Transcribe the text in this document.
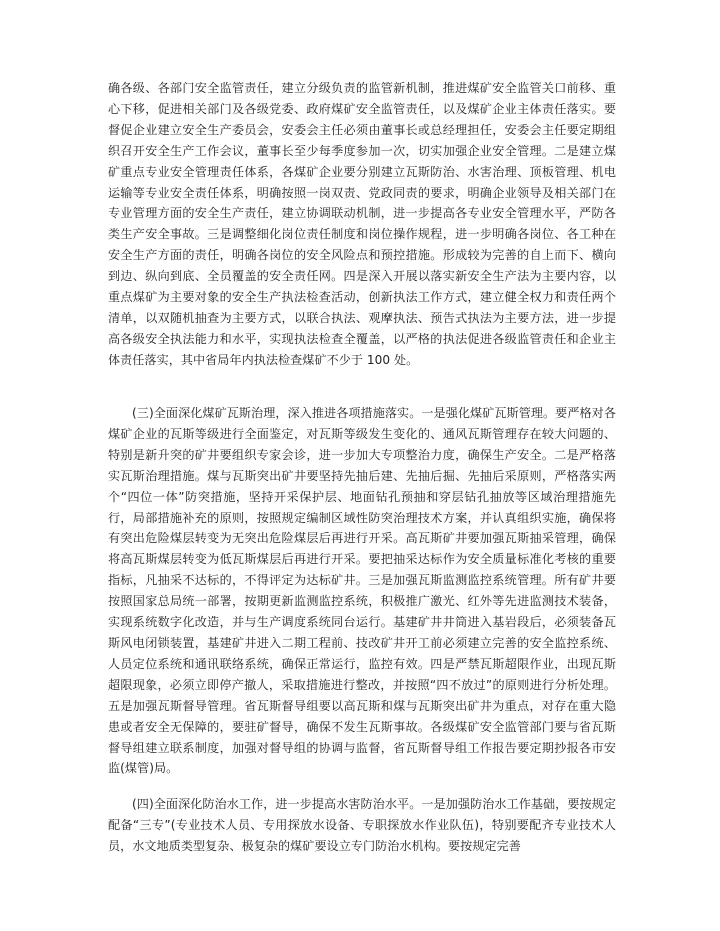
确各级、各部门安全监管责任，建立分级负责的监管新机制，推进煤矿安全监管关口前移、重心下移，促进相关部门及各级党委、政府煤矿安全监管责任，以及煤矿企业主体责任落实。要督促企业建立安全生产委员会，安委会主任必须由董事长或总经理担任，安委会主任要定期组织召开安全生产工作会议，董事长至少每季度参加一次，切实加强企业安全管理。二是建立煤矿重点专业安全管理责任体系，各煤矿企业要分别建立瓦斯防治、水害治理、顶板管理、机电运输等专业安全责任体系，明确按照一岗双责、党政同责的要求，明确企业领导及相关部门在专业管理方面的安全生产责任，建立协调联动机制，进一步提高各专业安全管理水平，严防各类生产安全事故。三是调整细化岗位责任制度和岗位操作规程，进一步明确各岗位、各工种在安全生产方面的责任，明确各岗位的安全风险点和预控措施。形成较为完善的自上而下、横向到边、纵向到底、全员覆盖的安全责任网。四是深入开展以落实新安全生产法为主要内容，以重点煤矿为主要对象的安全生产执法检查活动，创新执法工作方式，建立健全权力和责任两个清单，以双随机抽查为主要方式，以联合执法、观摩执法、预告式执法为主要方法，进一步提高各级安全执法能力和水平，实现执法检查全覆盖，以严格的执法促进各级监管责任和企业主体责任落实，其中省局年内执法检查煤矿不少于 100 处。

(三)全面深化煤矿瓦斯治理，深入推进各项措施落实。一是强化煤矿瓦斯管理。要严格对各煤矿企业的瓦斯等级进行全面鉴定，对瓦斯等级发生变化的、通风瓦斯管理存在较大问题的、特别是新升突的矿井要组织专家会诊，进一步加大专项整治力度，确保生产安全。二是严格落实瓦斯治理措施。煤与瓦斯突出矿井要坚持先抽后建、先抽后掘、先抽后采原则，严格落实两个“四位一体”防突措施，坚持开采保护层、地面钻孔预抽和穿层钻孔抽放等区域治理措施先行，局部措施补充的原则，按照规定编制区域性防突治理技术方案，并认真组织实施，确保将有突出危险煤层转变为无突出危险煤层后再进行开采。高瓦斯矿井要加强瓦斯抽采管理，确保将高瓦斯煤层转变为低瓦斯煤层后再进行开采。要把抽采达标作为安全质量标准化考核的重要指标，凡抽采不达标的，不得评定为达标矿井。三是加强瓦斯监测监控系统管理。所有矿井要按照国家总局统一部署，按期更新监测监控系统，积极推广激光、红外等先进监测技术装备，实现系统数字化改造，并与生产调度系统同台运行。基建矿井井筒进入基岩段后，必须装备瓦斯风电闭锁装置，基建矿井进入二期工程前、技改矿井开工前必须建立完善的安全监控系统、人员定位系统和通讯联络系统，确保正常运行，监控有效。四是严禁瓦斯超限作业，出现瓦斯超限现象，必须立即停产撤人，采取措施进行整改，并按照“四不放过”的原则进行分析处理。五是加强瓦斯督导管理。省瓦斯督导组要以高瓦斯和煤与瓦斯突出矿井为重点，对存在重大隐患或者安全无保障的，要驻矿督导，确保不发生瓦斯事故。各级煤矿安全监管部门要与省瓦斯督导组建立联系制度，加强对督导组的协调与监督，省瓦斯督导组工作报告要定期抄报各市安监(煤管)局。

(四)全面深化防治水工作，进一步提高水害防治水平。一是加强防治水工作基础，要按规定配备“三专”(专业技术人员、专用探放水设备、专职探放水作业队伍)，特别要配齐专业技术人员，水文地质类型复杂、极复杂的煤矿要设立专门防治水机构。要按规定完善
